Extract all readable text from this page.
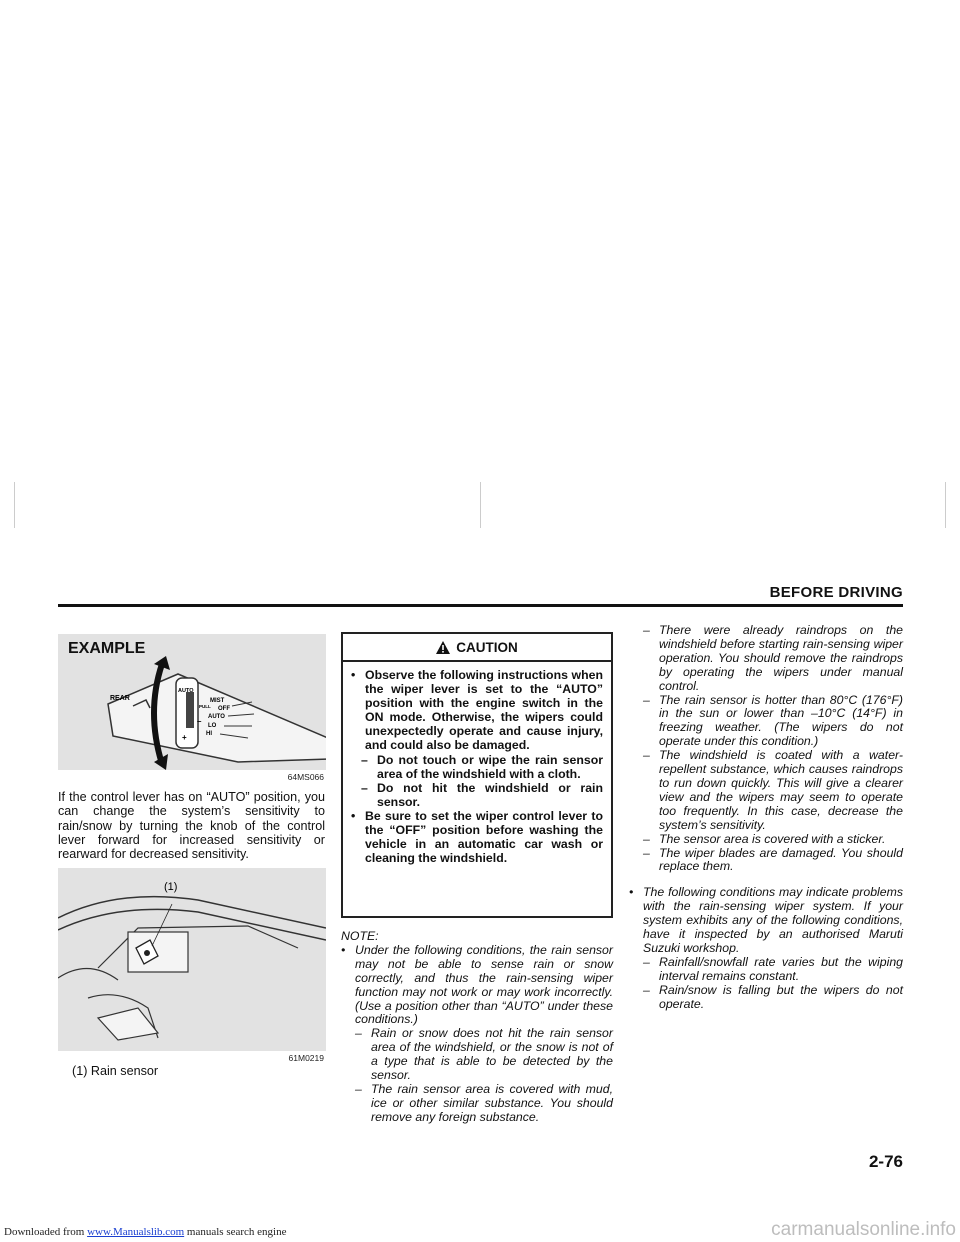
BEFORE DRIVING
EXAMPLE
REAR
AUTO
MIST
OFF
PULL
AUTO
LO
HI
+
–
64MS066
If the control lever has on “AUTO” position, you can change the system’s sensitivity to rain/snow by turning the knob of the control lever forward for increased sensitivity or rearward for decreased sensitivity.
(1)
61M0219
(1) Rain sensor
CAUTION
• Observe the following instructions when the wiper lever is set to the “AUTO” position with the engine switch in the ON mode. Otherwise, the wipers could unexpectedly operate and cause injury, and could also be damaged.
– Do not touch or wipe the rain sensor area of the windshield with a cloth.
– Do not hit the windshield or rain sensor.
• Be sure to set the wiper control lever to the “OFF” position before washing the vehicle in an automatic car wash or cleaning the windshield.
NOTE:
• Under the following conditions, the rain sensor may not be able to sense rain or snow correctly, and thus the rain-sensing wiper function may not work or may work incorrectly. (Use a position other than “AUTO” under these conditions.)
– Rain or snow does not hit the rain sensor area of the windshield, or the snow is not of a type that is able to be detected by the sensor.
– The rain sensor area is covered with mud, ice or other similar substance. You should remove any foreign substance.
– There were already raindrops on the windshield before starting rain-sensing wiper operation. You should remove the raindrops by operating the wipers under manual control.
– The rain sensor is hotter than 80°C (176°F) in the sun or lower than –10°C (14°F) in freezing weather. (The wipers do not operate under this condition.)
– The windshield is coated with a water-repellent substance, which causes raindrops to run down quickly. This will give a clearer view and the wipers may seem to operate too frequently. In this case, decrease the system’s sensitivity.
– The sensor area is covered with a sticker.
– The wiper blades are damaged. You should replace them.
• The following conditions may indicate problems with the rain-sensing wiper system. If your system exhibits any of the following conditions, have it inspected by an authorised Maruti Suzuki workshop.
– Rainfall/snowfall rate varies but the wiping interval remains constant.
– Rain/snow is falling but the wipers do not operate.
2-76
Downloaded from www.Manualslib.com manuals search engine	carmanualsonline.info
